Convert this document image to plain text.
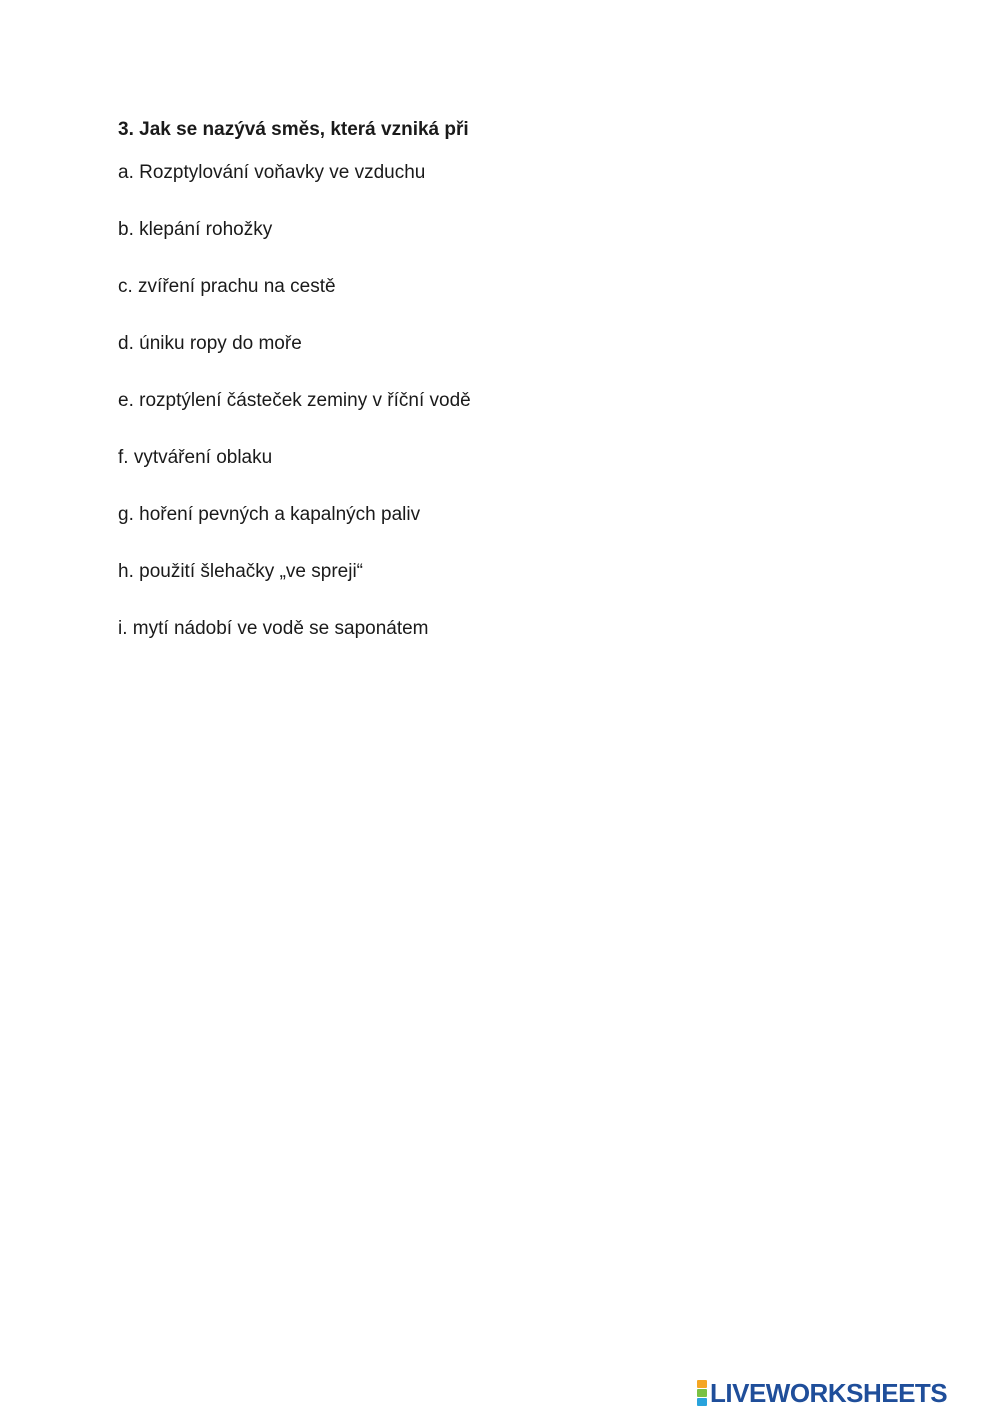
3. Jak se nazývá směs, která vzniká při

a. Rozptylování voňavky ve vzduchu
b. klepání rohožky
c. zvíření prachu na cestě
d. úniku ropy do moře
e. rozptýlení částeček zeminy v říční vodě
f. vytváření oblaku
g. hoření pevných a kapalných paliv
h. použití šlehačky „ve spreji“
i. mytí nádobí ve vodě se saponátem
LIVEWORKSHEETS
